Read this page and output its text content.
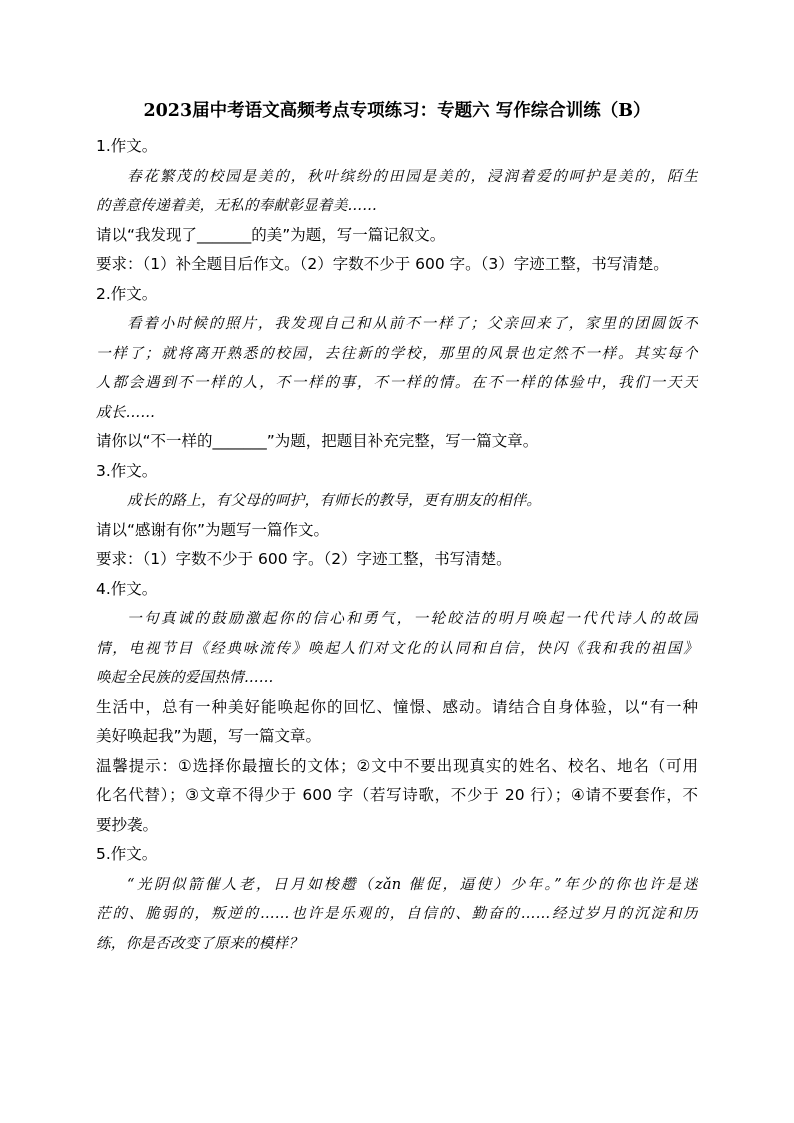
2023届中考语文高频考点专项练习：专题六 写作综合训练（B）
1.作文。
春花繁茂的校园是美的，秋叶缤纷的田园是美的，浸润着爱的呵护是美的，陌生
的善意传递着美，无私的奉献彰显着美……
请以“我发现了_______的美”为题，写一篇记叙文。
要求：（1）补全题目后作文。（2）字数不少于 600 字。（3）字迹工整，书写清楚。
2.作文。
看着小时候的照片，我发现自己和从前不一样了；父亲回来了，家里的团圆饭不
一样了；就将离开熟悉的校园，去往新的学校，那里的风景也定然不一样。其实每个
人都会遇到不一样的人，不一样的事，不一样的情。在不一样的体验中，我们一天天
成长……
请你以“不一样的_______”为题，把题目补充完整，写一篇文章。
3.作文。
成长的路上，有父母的呵护，有师长的教导，更有朋友的相伴。
请以“感谢有你”为题写一篇作文。
要求：（1）字数不少于 600 字。（2）字迹工整，书写清楚。
4.作文。
一句真诚的鼓励激起你的信心和勇气，一轮皎洁的明月唤起一代代诗人的故园
情，电视节目《经典咏流传》唤起人们对文化的认同和自信，快闪《我和我的祖国》
唤起全民族的爱国热情……
生活中，总有一种美好能唤起你的回忆、憧憬、感动。请结合自身体验，以“有一种
美好唤起我”为题，写一篇文章。
温馨提示：①选择你最擅长的文体；②文中不要出现真实的姓名、校名、地名（可用
化名代替）；③文章不得少于 600 字（若写诗歌，不少于 20 行）；④请不要套作，不
要抄袭。
5.作文。
“光阴似箭催人老，日月如梭趱（zǎn 催促，逼使）少年。”年少的你也许是迷
茫的、脆弱的，叛逆的……也许是乐观的，自信的、勤奋的……经过岁月的沉淀和历
练，你是否改变了原来的模样？
